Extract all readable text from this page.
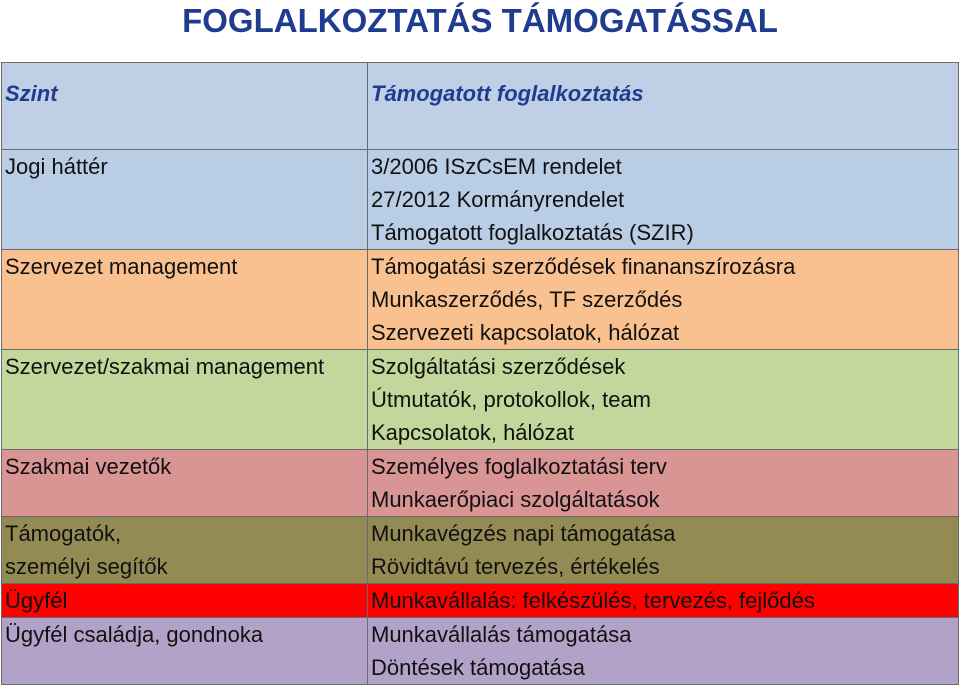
FOGLALKOZTATÁS TÁMOGATÁSSAL
Szint	Támogatott foglalkoztatás

Jogi háttér	3/2006 ISzCsEM rendelet
27/2012 Kormányrendelet
Támogatott foglalkoztatás (SZIR)

Szervezet management	Támogatási szerződések finananszírozásra
Munkaszerződés, TF szerződés
Szervezeti kapcsolatok, hálózat

Szervezet/szakmai management	Szolgáltatási szerződések
Útmutatók, protokollok, team
Kapcsolatok, hálózat

Szakmai vezetők	Személyes foglalkoztatási terv
Munkaerőpiaci szolgáltatások

Támogatók,
személyi segítők	Munkavégzés napi támogatása
Rövidtávú tervezés, értékelés

Ügyfél	Munkavállalás: felkészülés, tervezés, fejlődés

Ügyfél családja, gondnoka	Munkavállalás támogatása
Döntések támogatása
